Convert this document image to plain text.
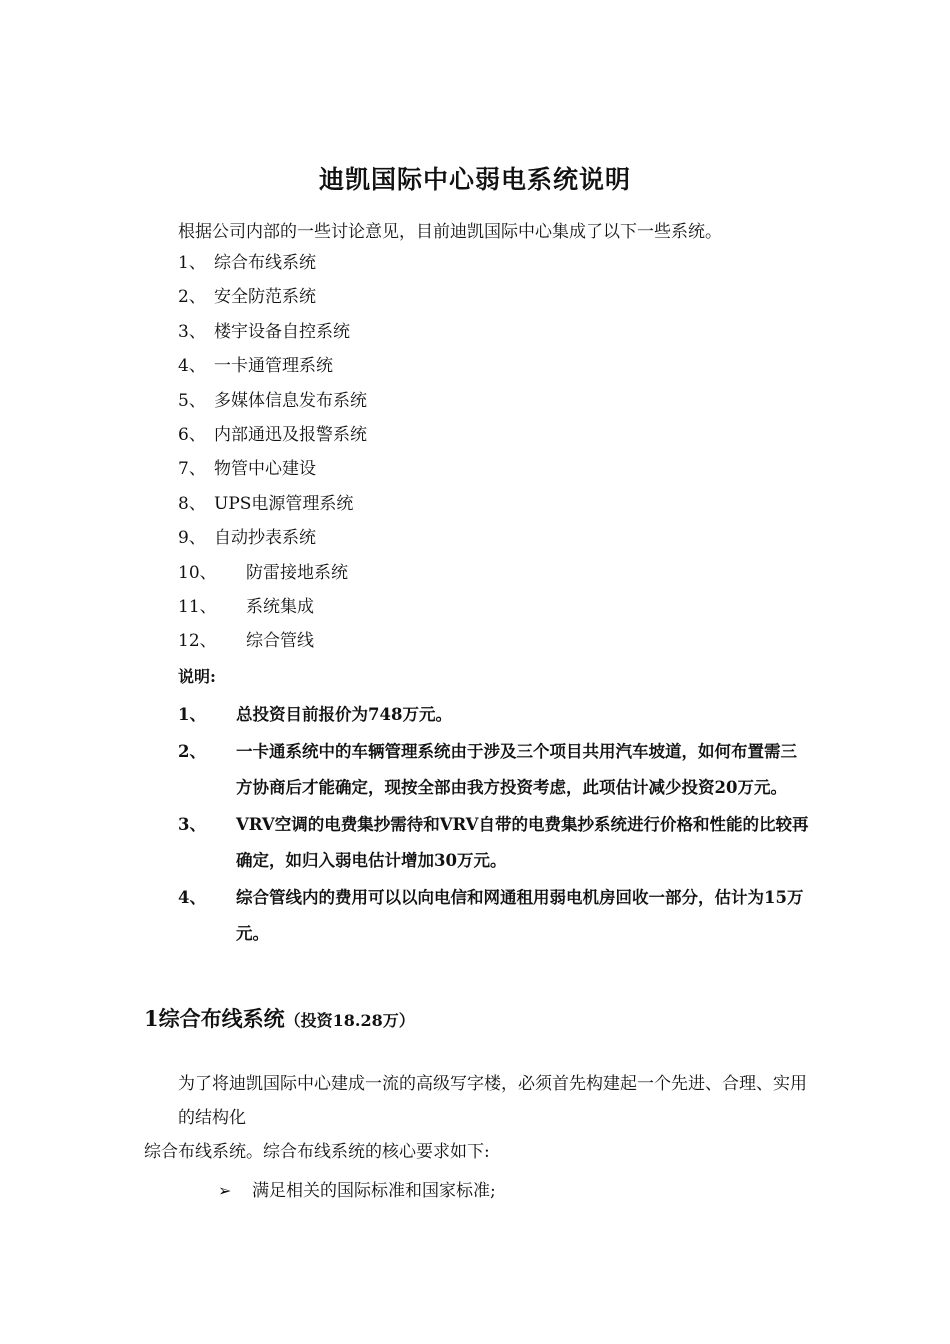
迪凯国际中心弱电系统说明
根据公司内部的一些讨论意见，目前迪凯国际中心集成了以下一些系统。
1、 综合布线系统
2、 安全防范系统
3、 楼宇设备自控系统
4、 一卡通管理系统
5、 多媒体信息发布系统
6、 内部通迅及报警系统
7、 物管中心建设
8、 UPS电源管理系统
9、 自动抄表系统
10、 防雷接地系统
11、 系统集成
12、 综合管线
说明:
1、 总投资目前报价为748万元。
2、 一卡通系统中的车辆管理系统由于涉及三个项目共用汽车坡道，如何布置需三方协商后才能确定，现按全部由我方投资考虑，此项估计减少投资20万元。
3、 VRV空调的电费集抄需待和VRV自带的电费集抄系统进行价格和性能的比较再确定，如归入弱电估计增加30万元。
4、 综合管线内的费用可以以向电信和网通租用弱电机房回收一部分，估计为15万元。
1综合布线系统（投资18.28万）
为了将迪凯国际中心建成一流的高级写字楼，必须首先构建起一个先进、合理、实用的结构化
综合布线系统。综合布线系统的核心要求如下:
➢ 满足相关的国际标准和国家标准;
